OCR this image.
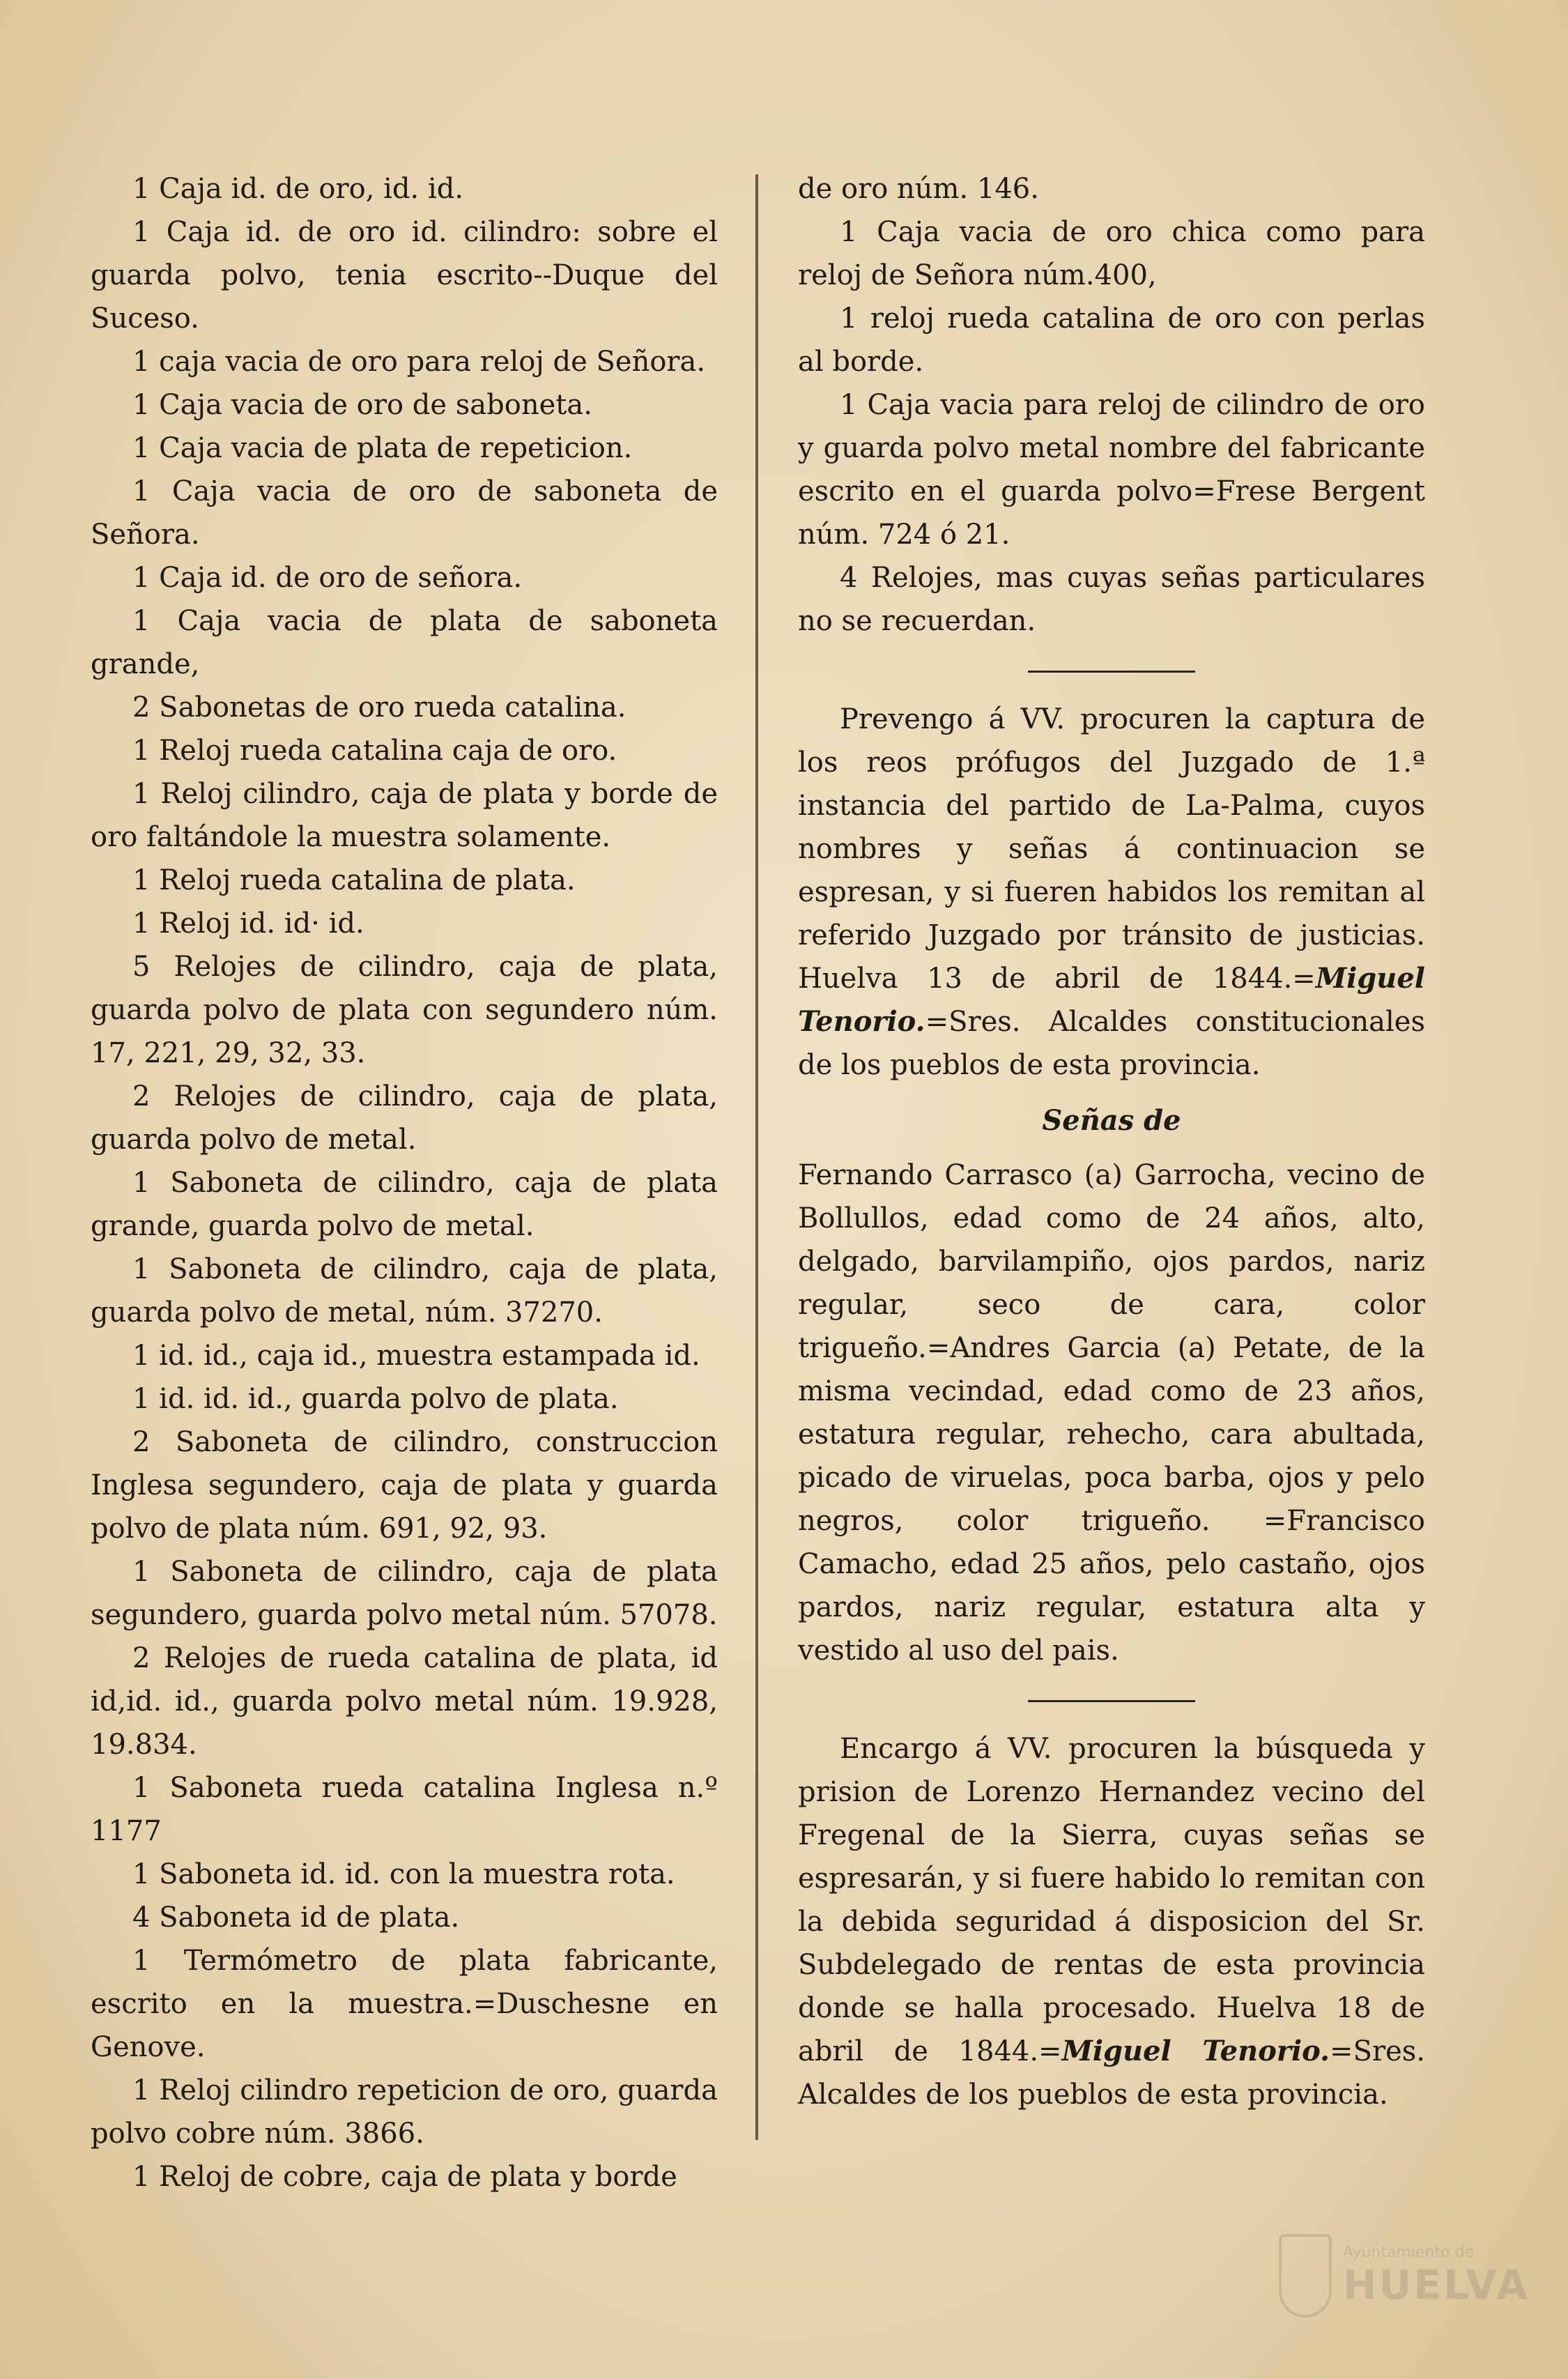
1 Caja id. de oro, id. id.

1 Caja id. de oro id. cilindro: sobre el guarda polvo, tenia escrito--Duque del Suceso.

1 caja vacia de oro para reloj de Señora.

1 Caja vacia de oro de saboneta.

1 Caja vacia de plata de repeticion.

1 Caja vacia de oro de saboneta de Señora.

1 Caja id. de oro de señora.

1 Caja vacia de plata de saboneta grande,

2 Sabonetas de oro rueda catalina.

1 Reloj rueda catalina caja de oro.

1 Reloj cilindro, caja de plata y borde de oro faltándole la muestra solamente.

1 Reloj rueda catalina de plata.

1 Reloj id. id· id.

5 Relojes de cilindro, caja de plata, guarda polvo de plata con segundero núm. 17, 221, 29, 32, 33.

2 Relojes de cilindro, caja de plata, guarda polvo de metal.

1 Saboneta de cilindro, caja de plata grande, guarda polvo de metal.

1 Saboneta de cilindro, caja de plata, guarda polvo de metal, núm. 37270.

1 id. id., caja id., muestra estampada id.

1 id. id. id., guarda polvo de plata.

2 Saboneta de cilindro, construccion Inglesa segundero, caja de plata y guarda polvo de plata núm. 691, 92, 93.

1 Saboneta de cilindro, caja de plata segundero, guarda polvo metal núm. 57078.

2 Relojes de rueda catalina de plata, id id,id. id., guarda polvo metal núm. 19.928, 19.834.

1 Saboneta rueda catalina Inglesa n.º 1177

1 Saboneta id. id. con la muestra rota.

4 Saboneta id de plata.

1 Termómetro de plata fabricante, escrito en la muestra.=Duschesne en Genove.

1 Reloj cilindro repeticion de oro, guarda polvo cobre núm. 3866.

1 Reloj de cobre, caja de plata y borde

de oro núm. 146.

1 Caja vacia de oro chica como para reloj de Señora núm.400,

1 reloj rueda catalina de oro con perlas al borde.

1 Caja vacia para reloj de cilindro de oro y guarda polvo metal nombre del fabricante escrito en el guarda polvo=Frese Bergent núm. 724 ó 21.

4 Relojes, mas cuyas señas particulares no se recuerdan.

Prevengo á VV. procuren la captura de los reos prófugos del Juzgado de 1.ª instancia del partido de La-Palma, cuyos nombres y señas á continuacion se espresan, y si fueren habidos los remitan al referido Juzgado por tránsito de justicias. Huelva 13 de abril de 1844.=Miguel Tenorio.=Sres. Alcaldes constitucionales de los pueblos de esta provincia.

Señas de

Fernando Carrasco (a) Garrocha, vecino de Bollullos, edad como de 24 años, alto, delgado, barvilampiño, ojos pardos, nariz regular, seco de cara, color trigueño.=Andres Garcia (a) Petate, de la misma vecindad, edad como de 23 años, estatura regular, rehecho, cara abultada, picado de viruelas, poca barba, ojos y pelo negros, color trigueño. =Francisco Camacho, edad 25 años, pelo castaño, ojos pardos, nariz regular, estatura alta y vestido al uso del pais.

Encargo á VV. procuren la búsqueda y prision de Lorenzo Hernandez vecino del Fregenal de la Sierra, cuyas señas se espresarán, y si fuere habido lo remitan con la debida seguridad á disposicion del Sr. Subdelegado de rentas de esta provincia donde se halla procesado. Huelva 18 de abril de 1844.=Miguel Tenorio.=Sres. Alcaldes de los pueblos de esta provincia.

Ayuntamiento de
HUELVA
